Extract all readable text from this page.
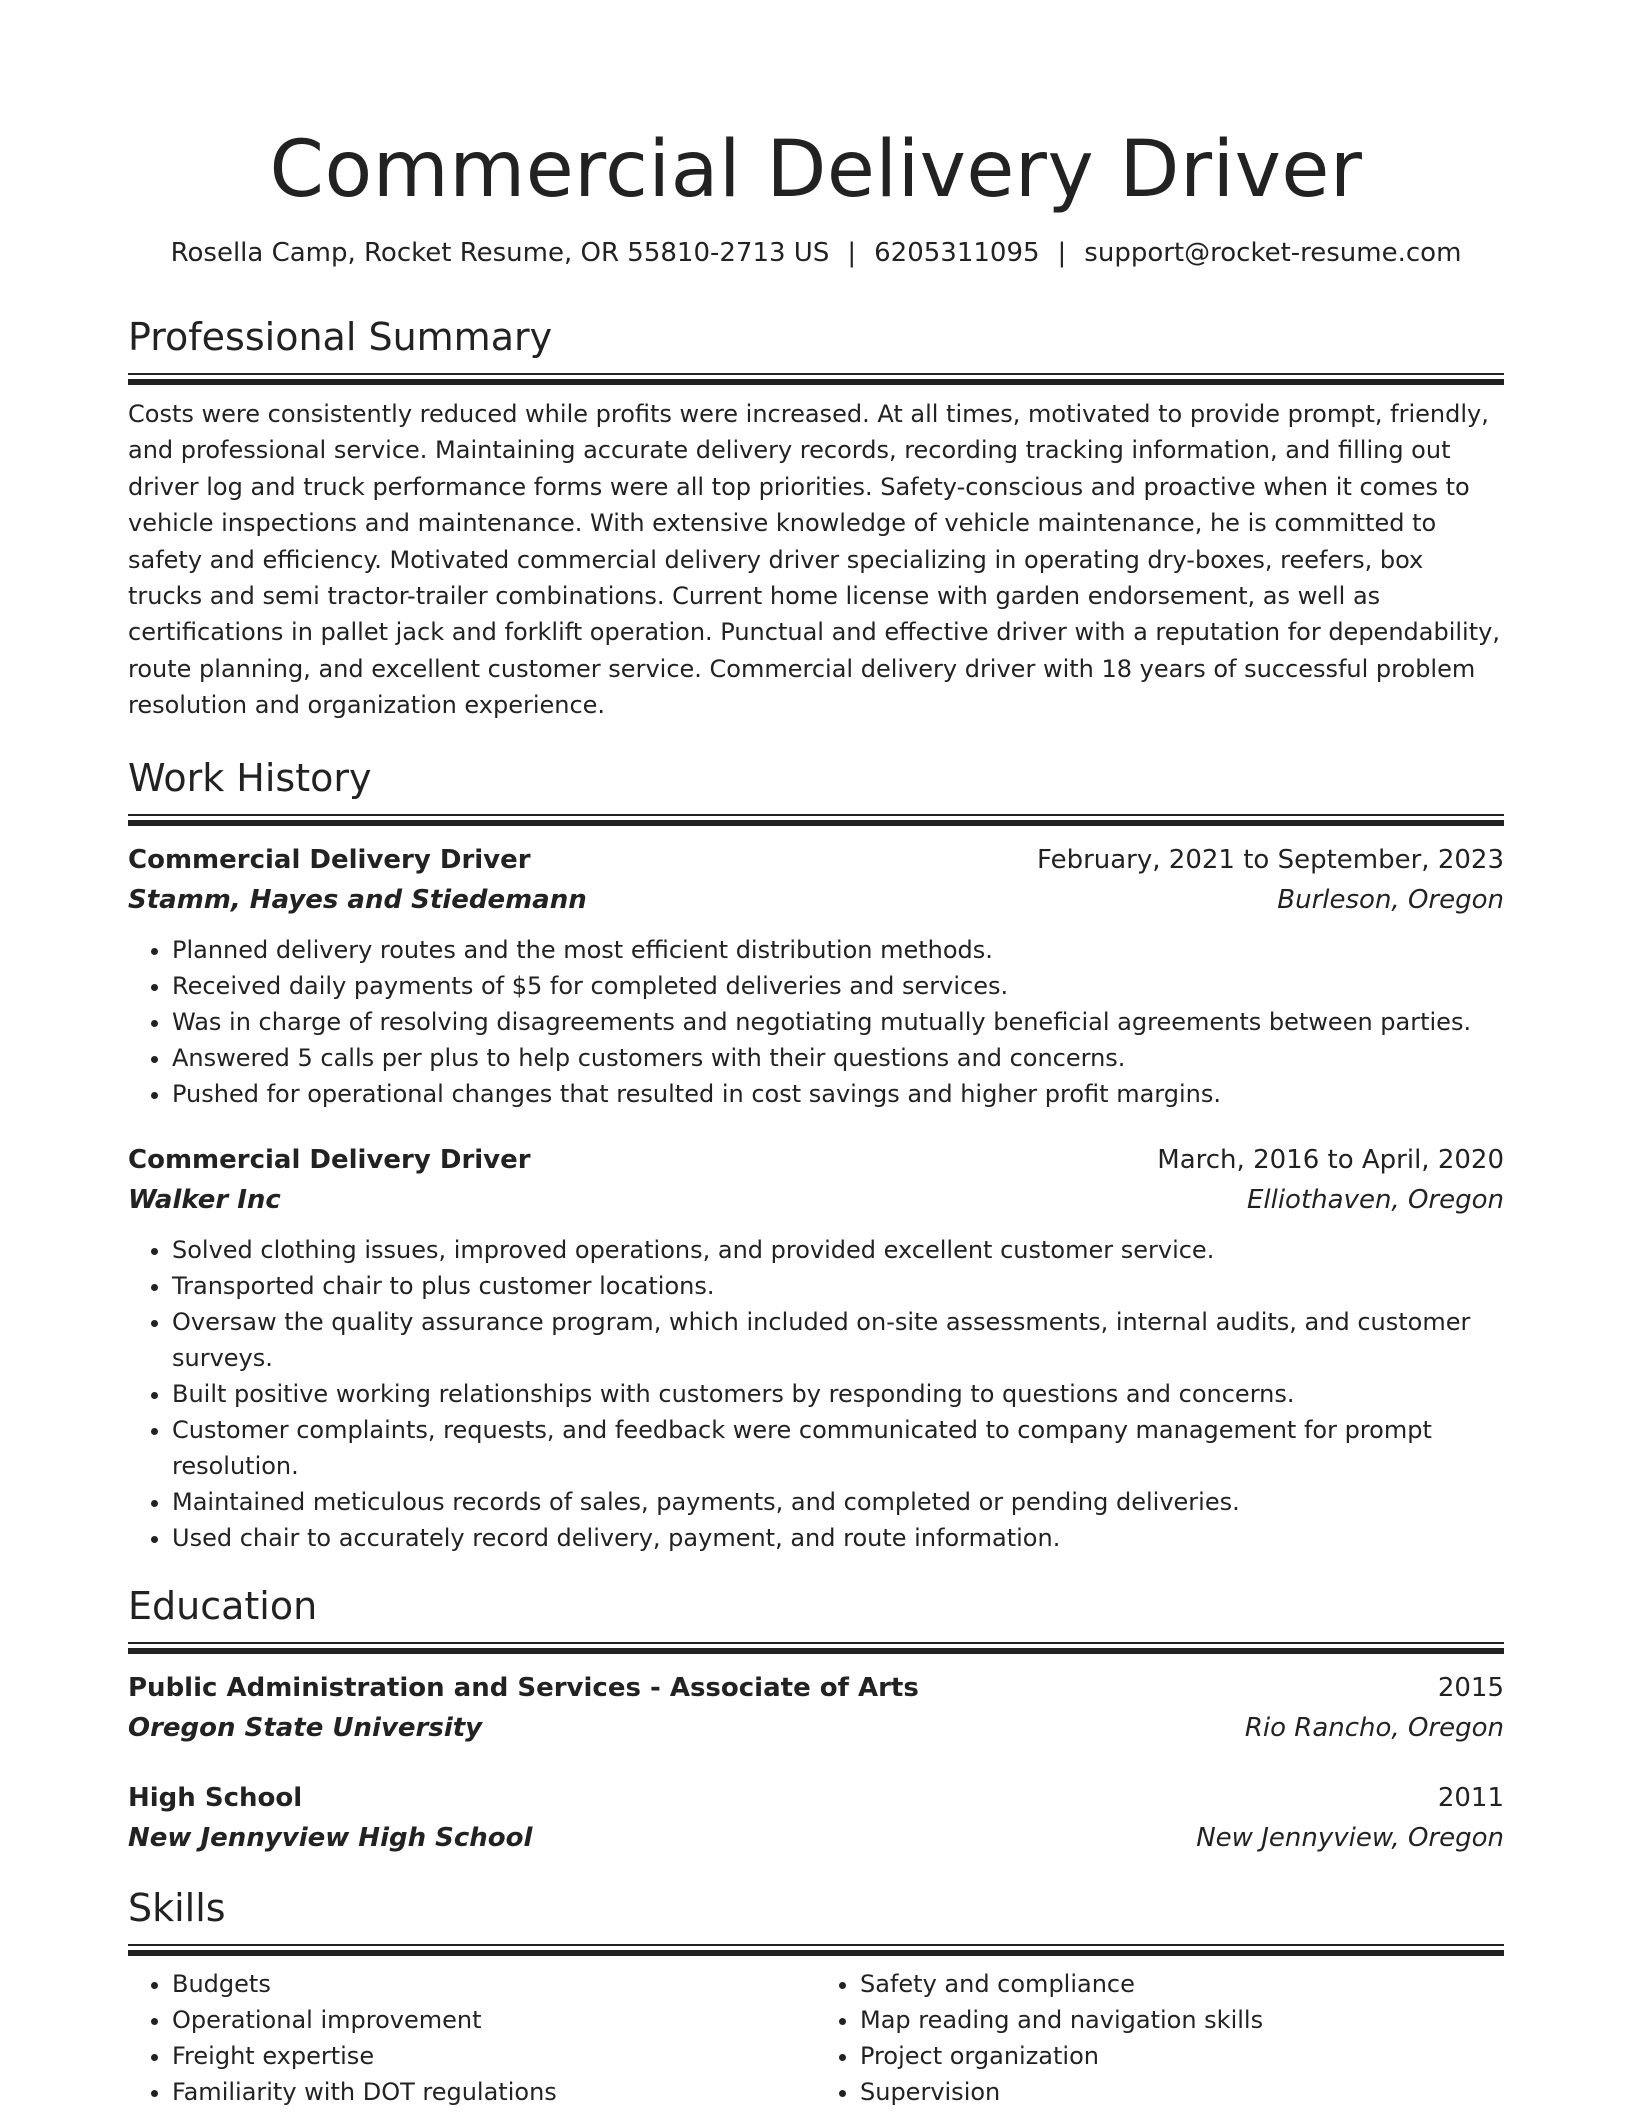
Commercial Delivery Driver
Rosella Camp, Rocket Resume, OR 55810-2713 US | 6205311095 | support@rocket-resume.com
Professional Summary
Costs were consistently reduced while profits were increased. At all times, motivated to provide prompt, friendly, and professional service. Maintaining accurate delivery records, recording tracking information, and filling out driver log and truck performance forms were all top priorities. Safety-conscious and proactive when it comes to vehicle inspections and maintenance. With extensive knowledge of vehicle maintenance, he is committed to safety and efficiency. Motivated commercial delivery driver specializing in operating dry-boxes, reefers, box trucks and semi tractor-trailer combinations. Current home license with garden endorsement, as well as certifications in pallet jack and forklift operation. Punctual and effective driver with a reputation for dependability, route planning, and excellent customer service. Commercial delivery driver with 18 years of successful problem resolution and organization experience.
Work History
Commercial Delivery Driver	February, 2021 to September, 2023
Stamm, Hayes and Stiedemann	Burleson, Oregon
• Planned delivery routes and the most efficient distribution methods.
• Received daily payments of $5 for completed deliveries and services.
• Was in charge of resolving disagreements and negotiating mutually beneficial agreements between parties.
• Answered 5 calls per plus to help customers with their questions and concerns.
• Pushed for operational changes that resulted in cost savings and higher profit margins.
Commercial Delivery Driver	March, 2016 to April, 2020
Walker Inc	Elliothaven, Oregon
• Solved clothing issues, improved operations, and provided excellent customer service.
• Transported chair to plus customer locations.
• Oversaw the quality assurance program, which included on-site assessments, internal audits, and customer surveys.
• Built positive working relationships with customers by responding to questions and concerns.
• Customer complaints, requests, and feedback were communicated to company management for prompt resolution.
• Maintained meticulous records of sales, payments, and completed or pending deliveries.
• Used chair to accurately record delivery, payment, and route information.
Education
Public Administration and Services - Associate of Arts	2015
Oregon State University	Rio Rancho, Oregon
High School	2011
New Jennyview High School	New Jennyview, Oregon
Skills
• Budgets
• Operational improvement
• Freight expertise
• Familiarity with DOT regulations
• Safety and compliance
• Map reading and navigation skills
• Project organization
• Supervision
